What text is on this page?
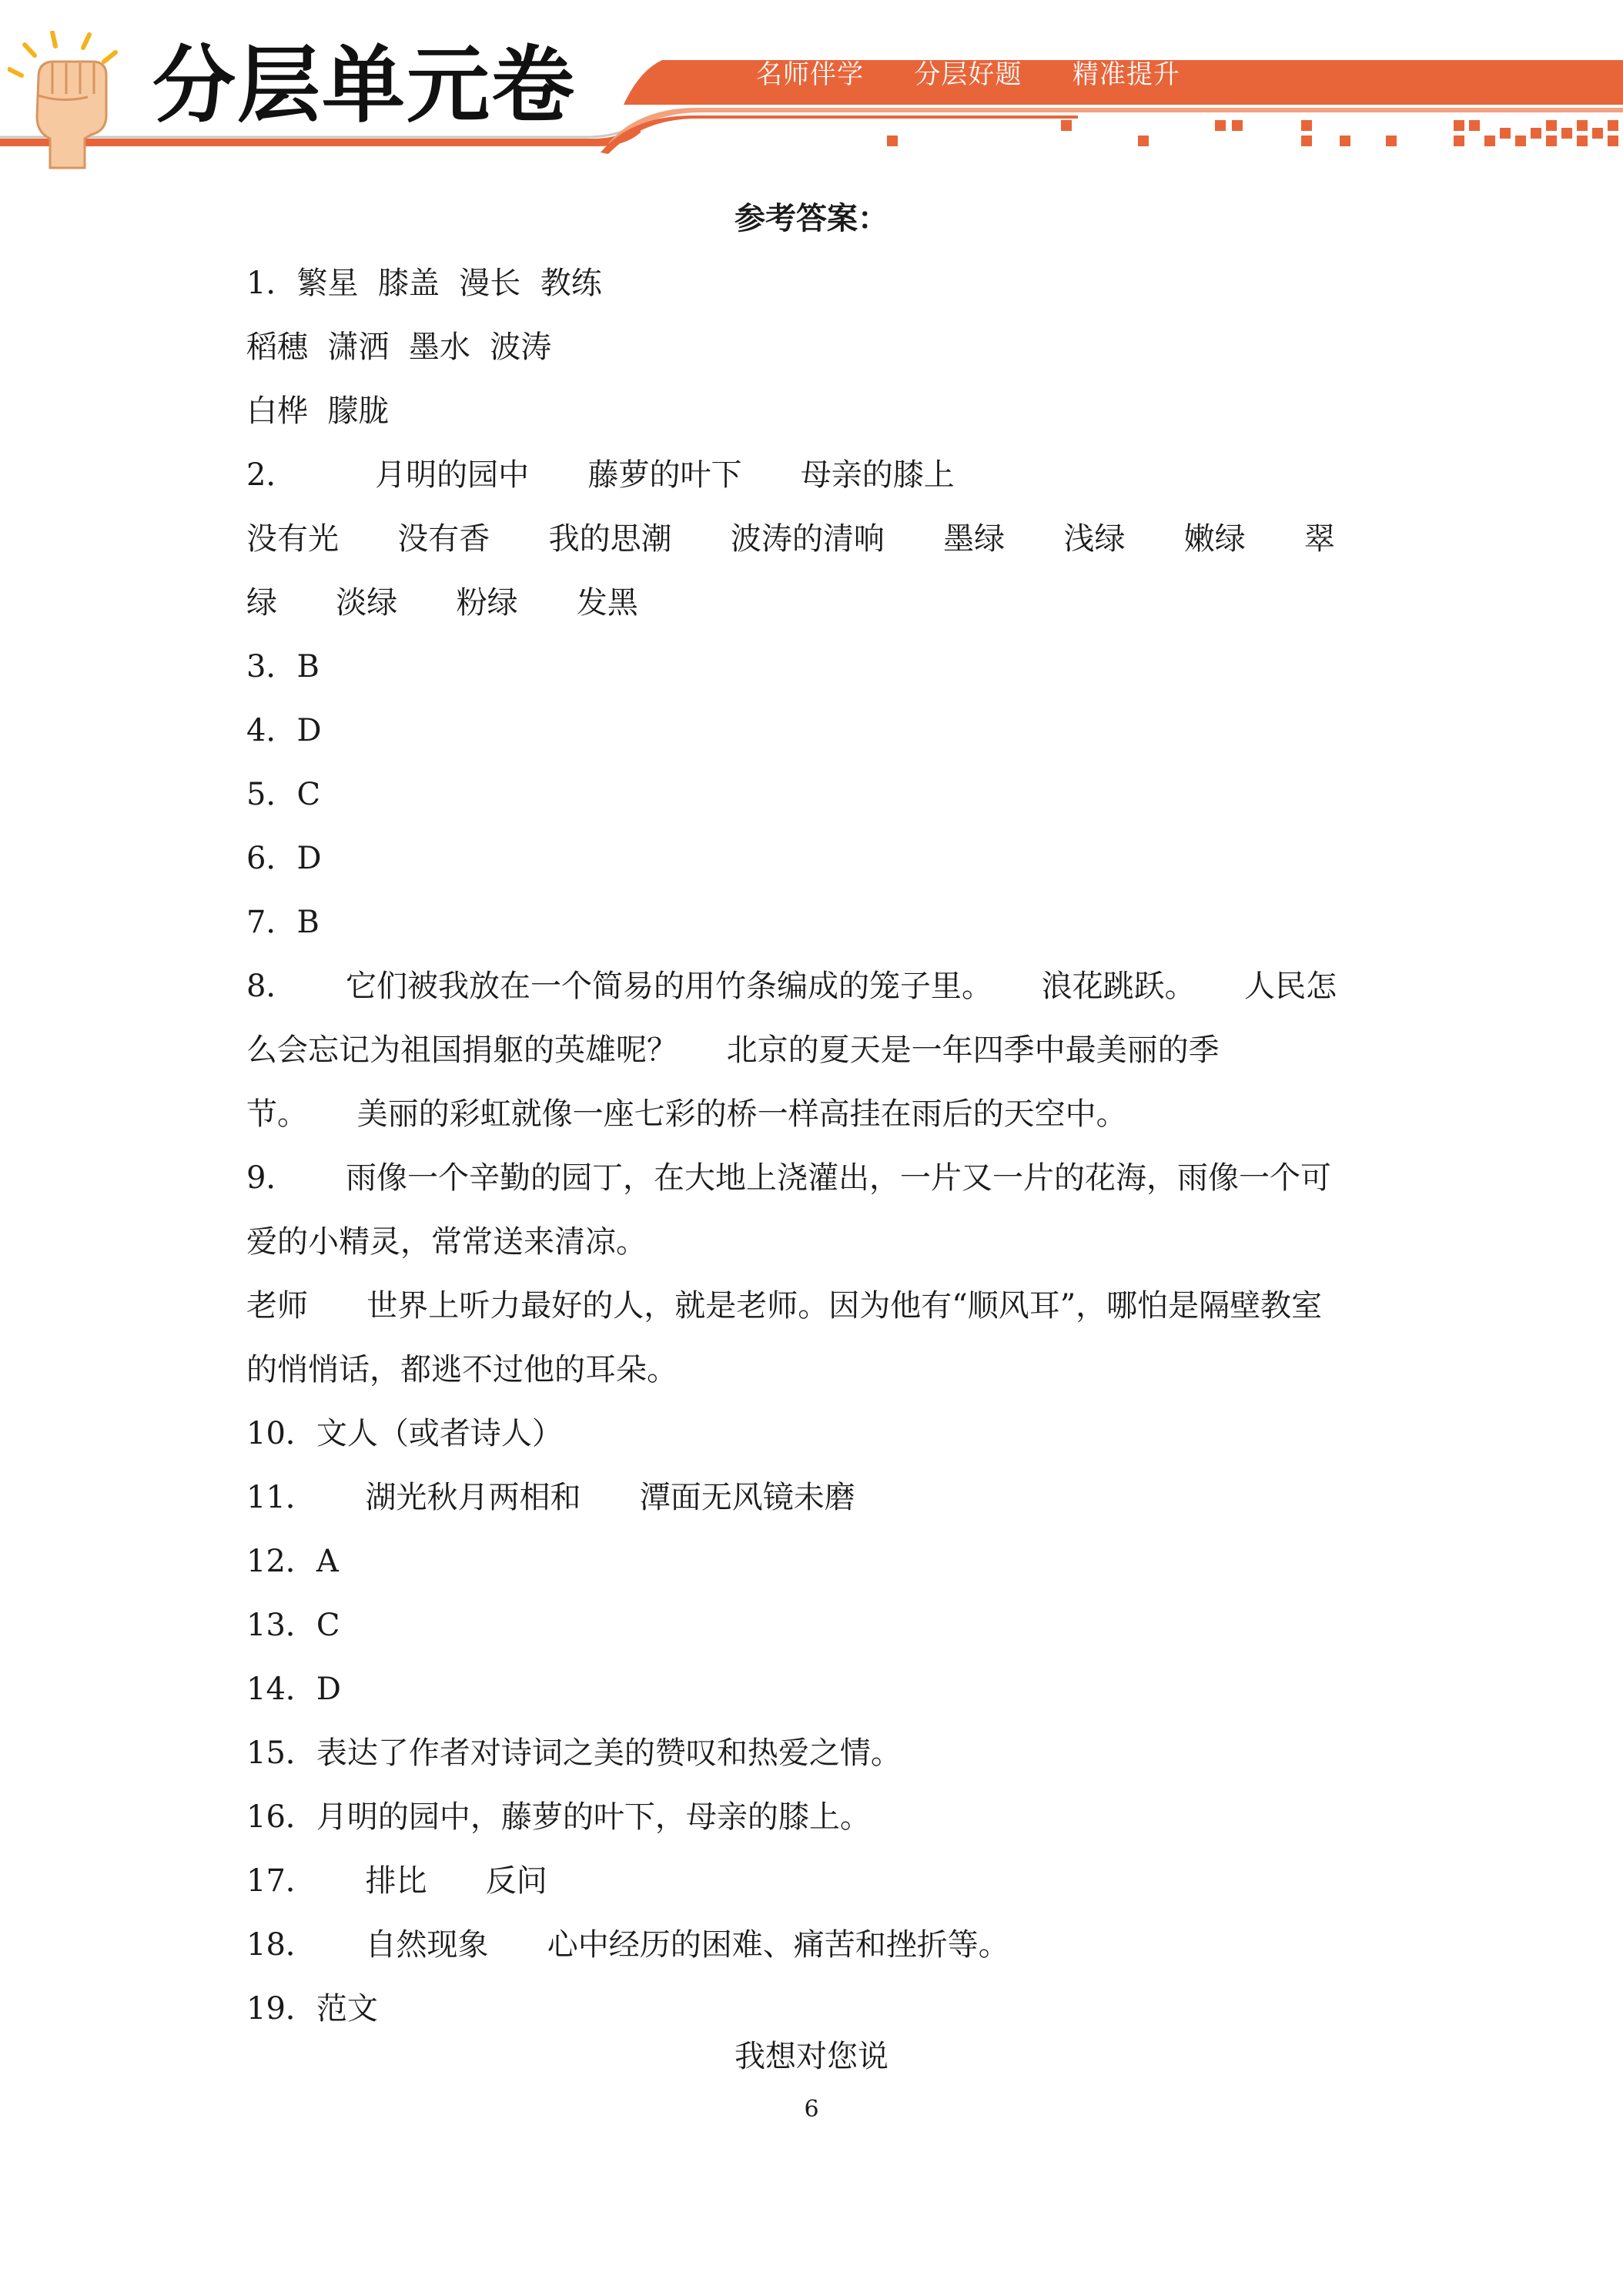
分层单元卷	名师伴学   分层好题   精准提升
参考答案：
1．繁星  膝盖  漫长  教练
稻穗  潇洒  墨水  波涛
白桦  朦胧
2．        月明的园中      藤萝的叶下      母亲的膝上
没有光      没有香      我的思潮      波涛的清响      墨绿      浅绿      嫩绿      翠
绿      淡绿      粉绿      发黑
3．B
4．D
5．C
6．D
7．B
8．     它们被我放在一个简易的用竹条编成的笼子里。     浪花跳跃。     人民怎
么会忘记为祖国捐躯的英雄呢？     北京的夏天是一年四季中最美丽的季
节。     美丽的彩虹就像一座七彩的桥一样高挂在雨后的天空中。
9．     雨像一个辛勤的园丁，在大地上浇灌出，一片又一片的花海，雨像一个可
爱的小精灵，常常送来清凉。
老师      世界上听力最好的人，就是老师。因为他有“顺风耳”，哪怕是隔壁教室
的悄悄话，都逃不过他的耳朵。
10．文人（或者诗人）
11．     湖光秋月两相和      潭面无风镜未磨
12．A
13．C
14．D
15．表达了作者对诗词之美的赞叹和热爱之情。
16．月明的园中，藤萝的叶下，母亲的膝上。
17．     排比      反问
18．     自然现象      心中经历的困难、痛苦和挫折等。
19．范文
我想对您说
6
